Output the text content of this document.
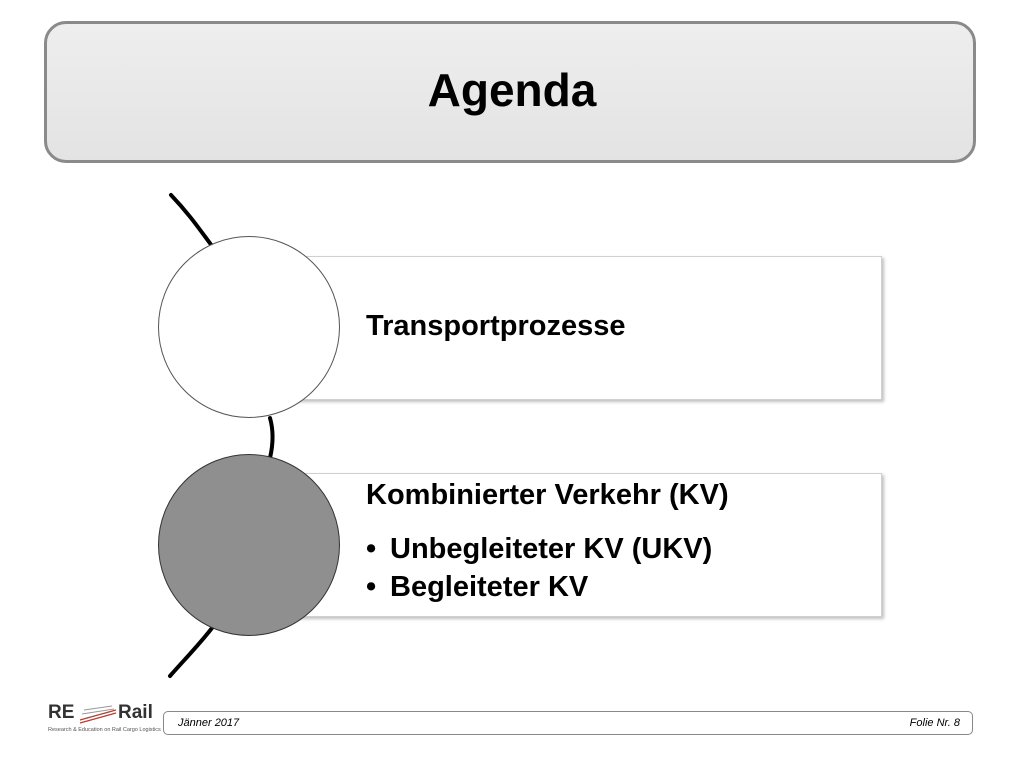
Agenda
Transportprozesse
Kombinierter Verkehr (KV)
• Unbegleiteter KV (UKV)
• Begleiteter KV
RE Rail
Research & Education on Rail Cargo Logistics
Jänner 2017	Folie Nr. 8
